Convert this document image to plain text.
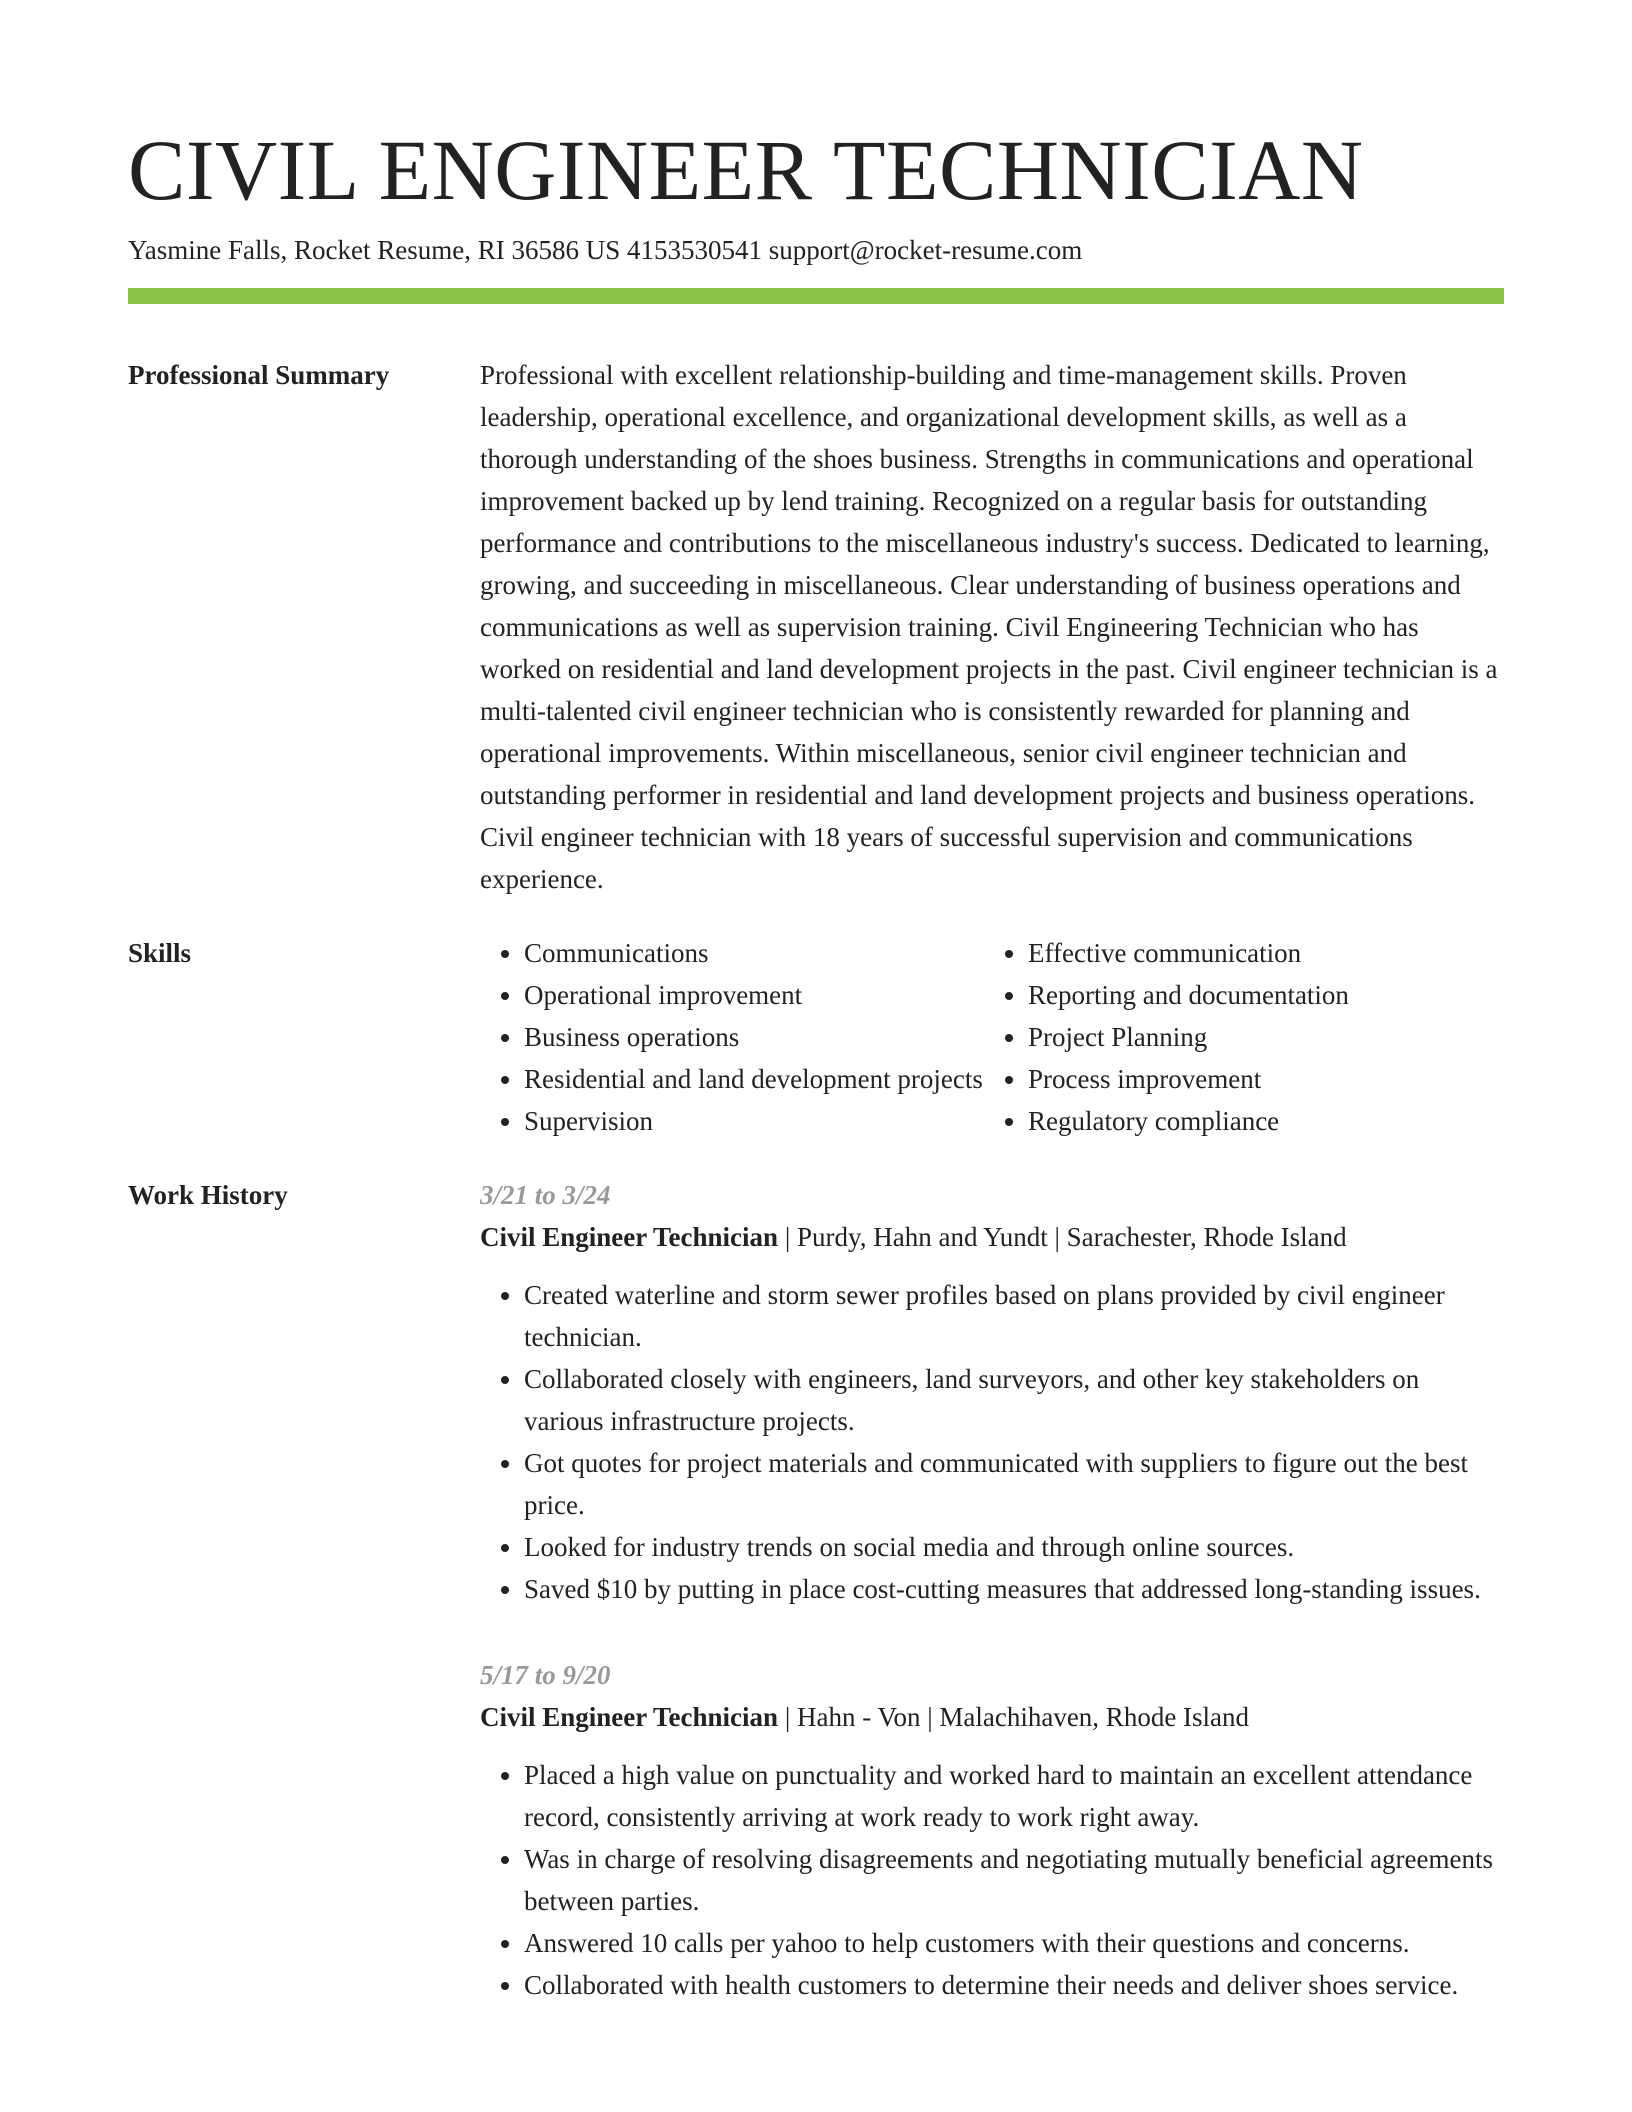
CIVIL ENGINEER TECHNICIAN
Yasmine Falls, Rocket Resume, RI 36586 US 4153530541 support@rocket-resume.com
Professional Summary	Professional with excellent relationship-building and time-management skills. Proven leadership, operational excellence, and organizational development skills, as well as a thorough understanding of the shoes business. Strengths in communications and operational improvement backed up by lend training. Recognized on a regular basis for outstanding performance and contributions to the miscellaneous industry's success. Dedicated to learning, growing, and succeeding in miscellaneous. Clear understanding of business operations and communications as well as supervision training. Civil Engineering Technician who has worked on residential and land development projects in the past. Civil engineer technician is a multi-talented civil engineer technician who is consistently rewarded for planning and operational improvements. Within miscellaneous, senior civil engineer technician and outstanding performer in residential and land development projects and business operations. Civil engineer technician with 18 years of successful supervision and communications experience.
Skills
•	Communications
• Operational improvement
• Business operations
• Residential and land development projects
• Supervision
• Effective communication
• Reporting and documentation
• Project Planning
• Process improvement
• Regulatory compliance
Work History	3/21 to 3/24
Civil Engineer Technician | Purdy, Hahn and Yundt | Sarachester, Rhode Island
• Created waterline and storm sewer profiles based on plans provided by civil engineer technician.
• Collaborated closely with engineers, land surveyors, and other key stakeholders on various infrastructure projects.
• Got quotes for project materials and communicated with suppliers to figure out the best price.
• Looked for industry trends on social media and through online sources.
• Saved $10 by putting in place cost-cutting measures that addressed long-standing issues.
5/17 to 9/20
Civil Engineer Technician | Hahn - Von | Malachihaven, Rhode Island
• Placed a high value on punctuality and worked hard to maintain an excellent attendance record, consistently arriving at work ready to work right away.
• Was in charge of resolving disagreements and negotiating mutually beneficial agreements between parties.
• Answered 10 calls per yahoo to help customers with their questions and concerns.
• Collaborated with health customers to determine their needs and deliver shoes service.
